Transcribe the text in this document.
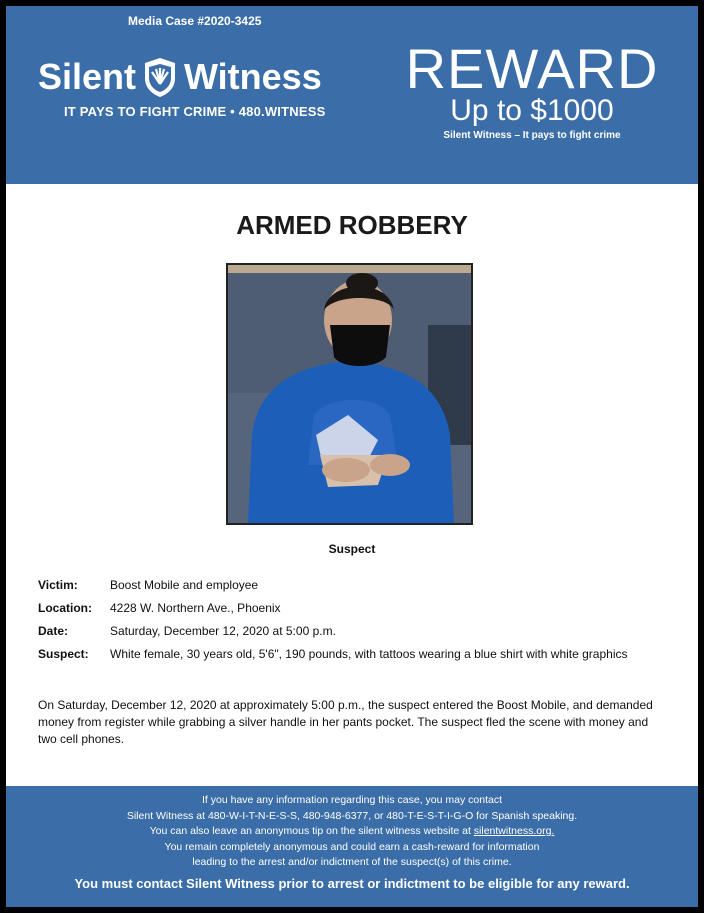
Media Case #2020-3425
Silent Witness
IT PAYS TO FIGHT CRIME • 480.WITNESS
REWARD
Up to $1000
Silent Witness – It pays to fight crime
ARMED ROBBERY
Suspect
Victim:	Boost Mobile and employee
Location:	4228 W. Northern Ave., Phoenix
Date:	Saturday, December 12, 2020 at 5:00 p.m.
Suspect:	White female, 30 years old, 5'6", 190 pounds, with tattoos wearing a blue shirt with white graphics
On Saturday, December 12, 2020 at approximately 5:00 p.m., the suspect entered the Boost Mobile, and demanded money from register while grabbing a silver handle in her pants pocket. The suspect fled the scene with money and two cell phones.
If you have any information regarding this case, you may contact
Silent Witness at 480-W-I-T-N-E-S-S, 480-948-6377, or 480-T-E-S-T-I-G-O for Spanish speaking.
You can also leave an anonymous tip on the silent witness website at silentwitness.org.
You remain completely anonymous and could earn a cash-reward for information
leading to the arrest and/or indictment of the suspect(s) of this crime.
You must contact Silent Witness prior to arrest or indictment to be eligible for any reward.
